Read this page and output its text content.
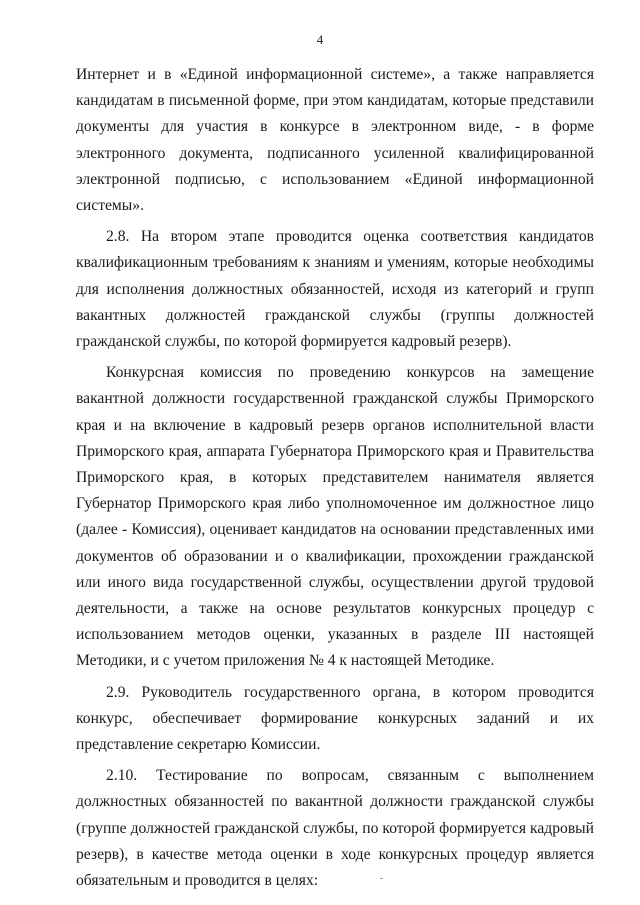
4

Интернет и в «Единой информационной системе», а также направляется кандидатам в письменной форме, при этом кандидатам, которые представили документы для участия в конкурсе в электронном виде, - в форме электронного документа, подписанного усиленной квалифицированной электронной подписью, с использованием «Единой информационной системы».

2.8. На втором этапе проводится оценка соответствия кандидатов квалификационным требованиям к знаниям и умениям, которые необходимы для исполнения должностных обязанностей, исходя из категорий и групп вакантных должностей гражданской службы (группы должностей гражданской службы, по которой формируется кадровый резерв).

Конкурсная комиссия по проведению конкурсов на замещение вакантной должности государственной гражданской службы Приморского края и на включение в кадровый резерв органов исполнительной власти Приморского края, аппарата Губернатора Приморского края и Правительства Приморского края, в которых представителем нанимателя является Губернатор Приморского края либо уполномоченное им должностное лицо (далее - Комиссия), оценивает кандидатов на основании представленных ими документов об образовании и о квалификации, прохождении гражданской или иного вида государственной службы, осуществлении другой трудовой деятельности, а также на основе результатов конкурсных процедур с использованием методов оценки, указанных в разделе III настоящей Методики, и с учетом приложения № 4 к настоящей Методике.

2.9. Руководитель государственного органа, в котором проводится конкурс, обеспечивает формирование конкурсных заданий и их представление секретарю Комиссии.

2.10. Тестирование по вопросам, связанным с выполнением должностных обязанностей по вакантной должности гражданской службы (группе должностей гражданской службы, по которой формируется кадровый резерв), в качестве метода оценки в ходе конкурсных процедур является обязательным и проводится в целях:
